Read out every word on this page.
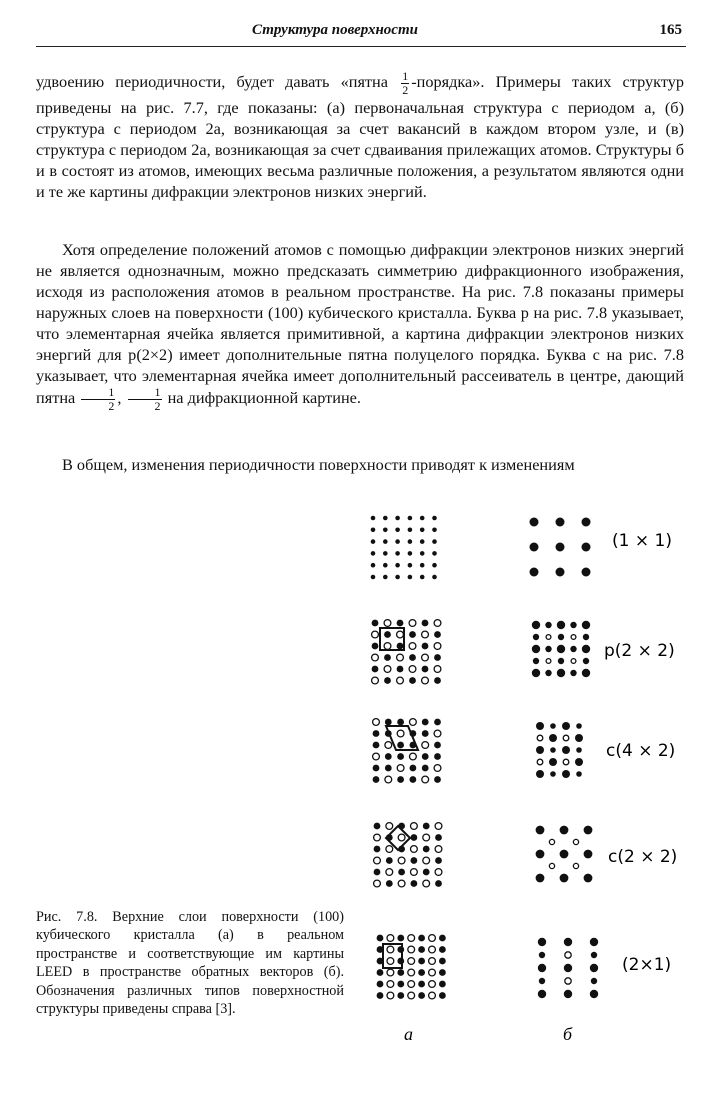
Структура поверхности	165
удвоению периодичности, будет давать «пятна $\frac{1}{2}$ -порядка». Примеры таких структур приведены на рис. 7.7, где показаны: (а) первоначальная структура с периодом a, (б) структура с периодом 2a, возникающая за счет вакансий в каждом втором узле, и (в) структура с периодом 2a, возникающая за счет сдваивания прилежащих атомов. Структуры б и в состоят из атомов, имеющих весьма различные положения, а результатом являются одни и те же картины дифракции электронов низких энергий.
Хотя определение положений атомов с помощью дифракции электронов низких энергий не является однозначным, можно предсказать симметрию дифракционного изображения, исходя из расположения атомов в реальном пространстве. На рис. 7.8 показаны примеры наружных слоев на поверхности (100) кубического кристалла. Буква p на рис. 7.8 указывает, что элементарная ячейка является примитивной, а картина дифракции электронов низких энергий для p(2×2) имеет дополнительные пятна полуцелого порядка. Буква c на рис. 7.8 указывает, что элементарная ячейка имеет дополнительный рассеиватель в центре, дающий пятна $\frac{1}{2}$ , $\frac{1}{2}$ на дифракционной картине.
В общем, изменения периодичности поверхности приводят к изменениям
(1 × 1)
p(2 × 2)
c(4 × 2)
c(2 × 2)
(2×1)
а	б
Рис. 7.8. Верхние слои поверхности (100) кубического кристалла (а) в реальном пространстве и соответствующие им картины LEED в пространстве обратных векторов (б). Обозначения различных типов поверхностной структуры приведены справа [3].
